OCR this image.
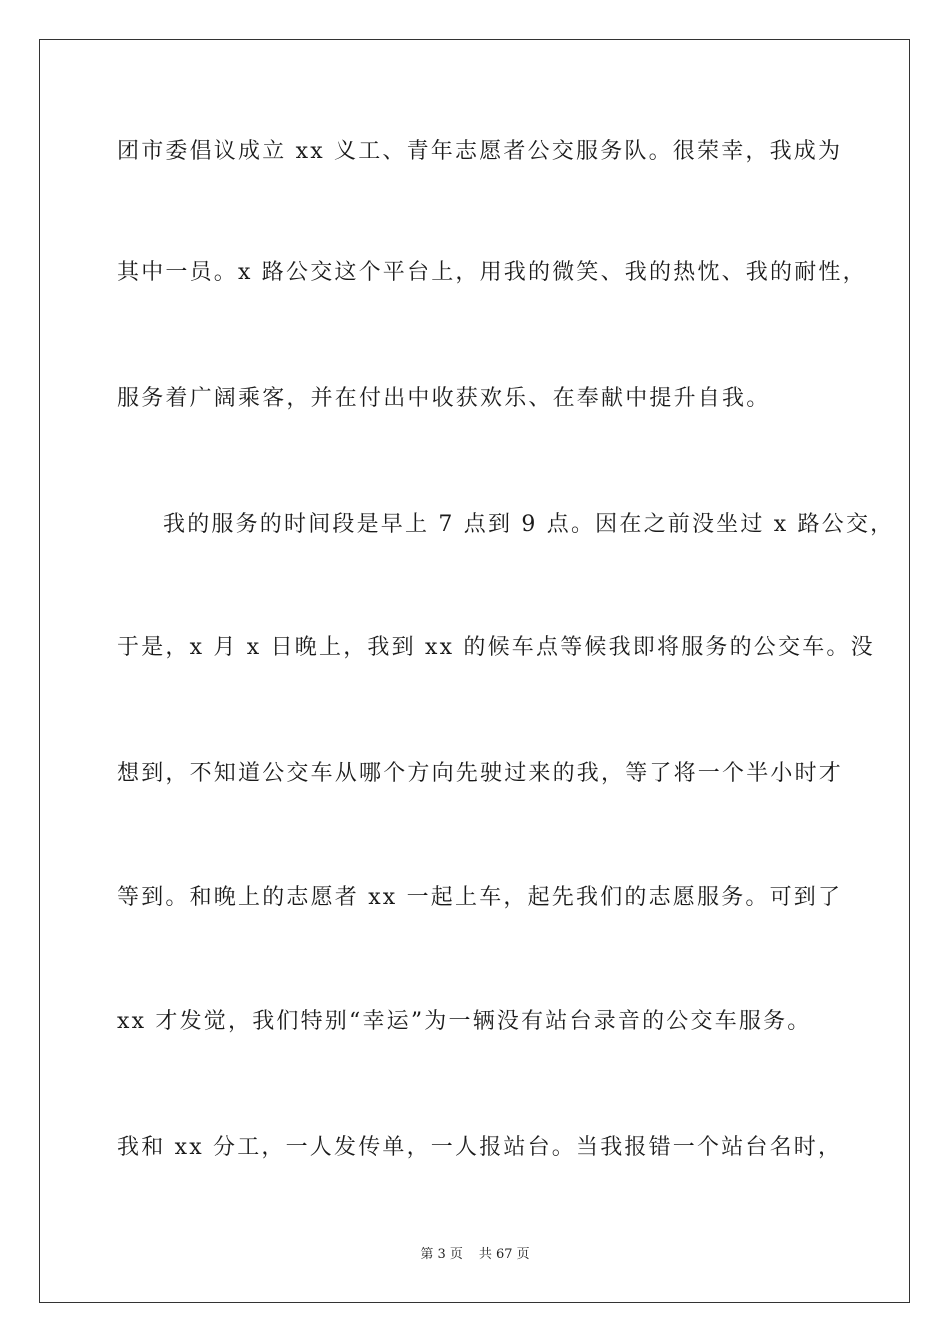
团市委倡议成立 xx 义工、青年志愿者公交服务队。很荣幸，我成为
其中一员。x 路公交这个平台上，用我的微笑、我的热忱、我的耐性，
服务着广阔乘客，并在付出中收获欢乐、在奉献中提升自我。
我的服务的时间段是早上 7 点到 9 点。因在之前没坐过 x 路公交，
于是，x 月 x 日晚上，我到 xx 的候车点等候我即将服务的公交车。没
想到，不知道公交车从哪个方向先驶过来的我，等了将一个半小时才
等到。和晚上的志愿者 xx 一起上车，起先我们的志愿服务。可到了
xx 才发觉，我们特别“幸运”为一辆没有站台录音的公交车服务。
我和 xx 分工，一人发传单，一人报站台。当我报错一个站台名时，
第 3 页 共 67 页
